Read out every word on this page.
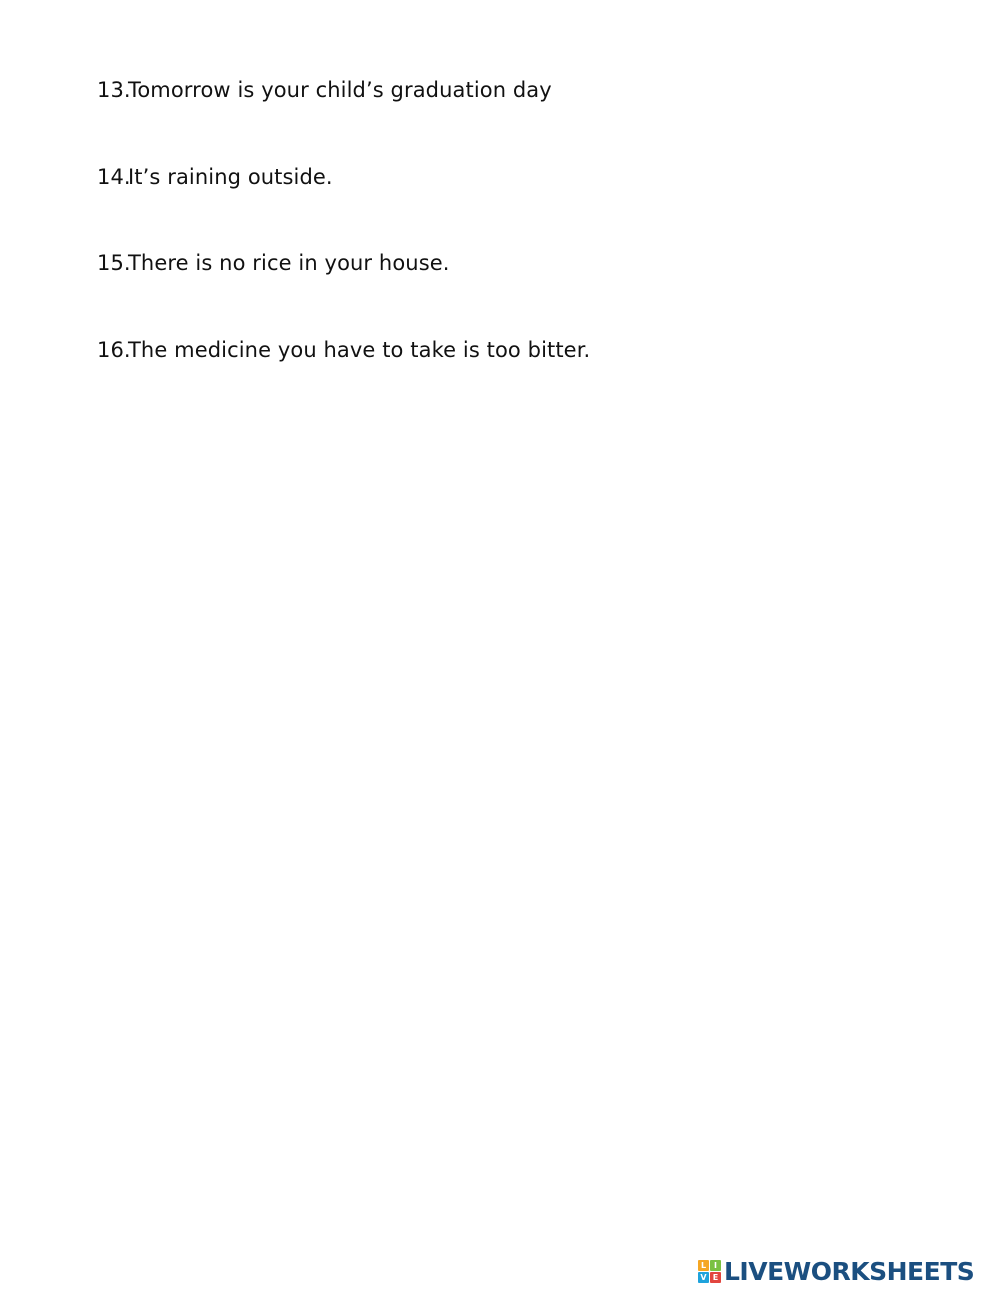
13.Tomorrow is your child’s graduation day
14.It’s raining outside.
15.There is no rice in your house.
16.The medicine you have to take is too bitter.
L I
V E LIVEWORKSHEETS
